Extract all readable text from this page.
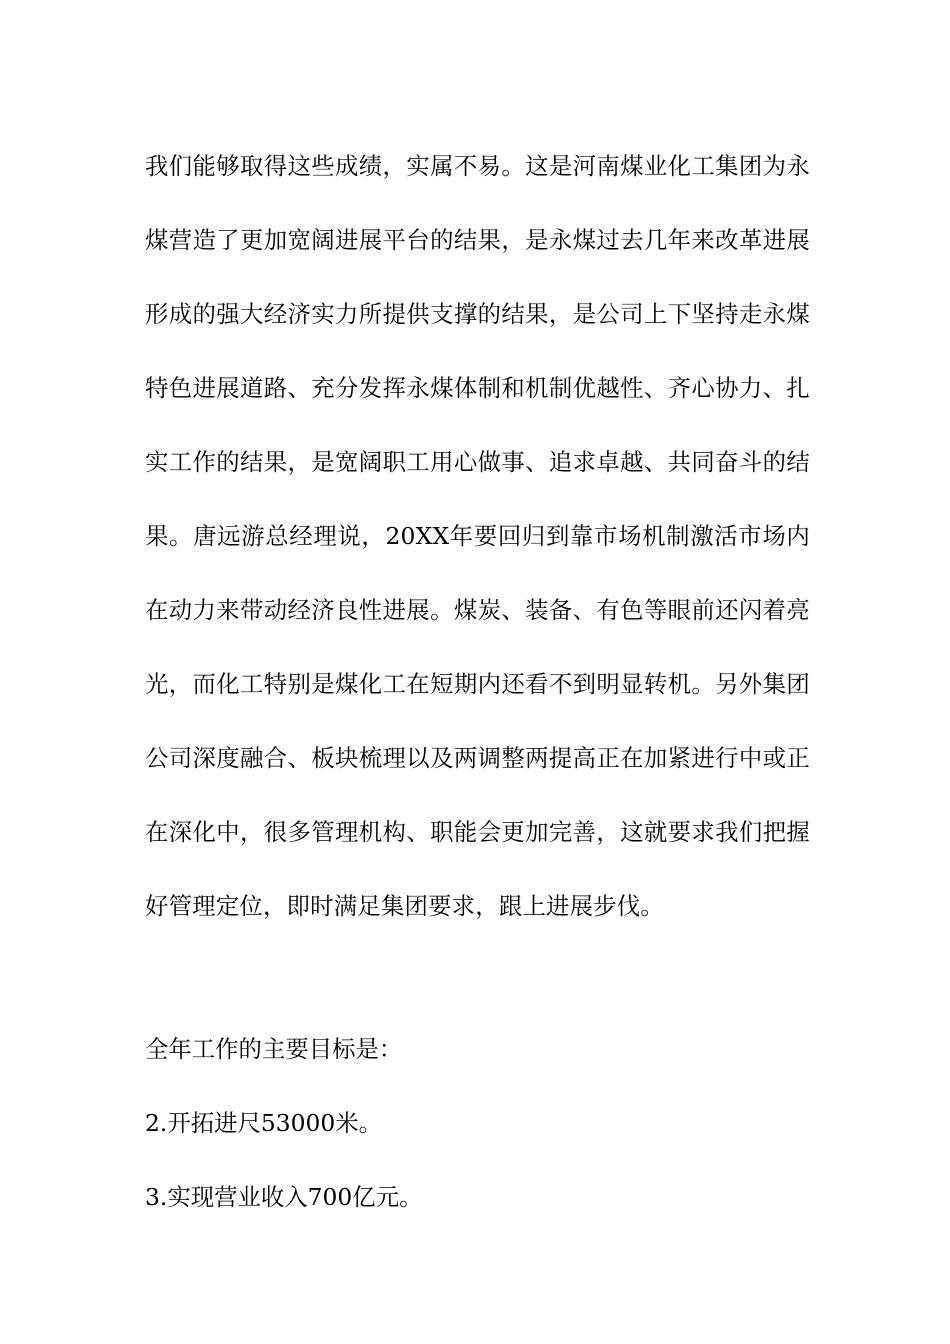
我们能够取得这些成绩，实属不易。这是河南煤业化工集团为永煤营造了更加宽阔进展平台的结果，是永煤过去几年来改革进展形成的强大经济实力所提供支撑的结果，是公司上下坚持走永煤特色进展道路、充分发挥永煤体制和机制优越性、齐心协力、扎实工作的结果，是宽阔职工用心做事、追求卓越、共同奋斗的结果。唐远游总经理说，20XX年要回归到靠市场机制激活市场内在动力来带动经济良性进展。煤炭、装备、有色等眼前还闪着亮光，而化工特别是煤化工在短期内还看不到明显转机。另外集团公司深度融合、板块梳理以及两调整两提高正在加紧进行中或正在深化中，很多管理机构、职能会更加完善，这就要求我们把握好管理定位，即时满足集团要求，跟上进展步伐。

全年工作的主要目标是：

2.开拓进尺53000米。

3.实现营业收入700亿元。
